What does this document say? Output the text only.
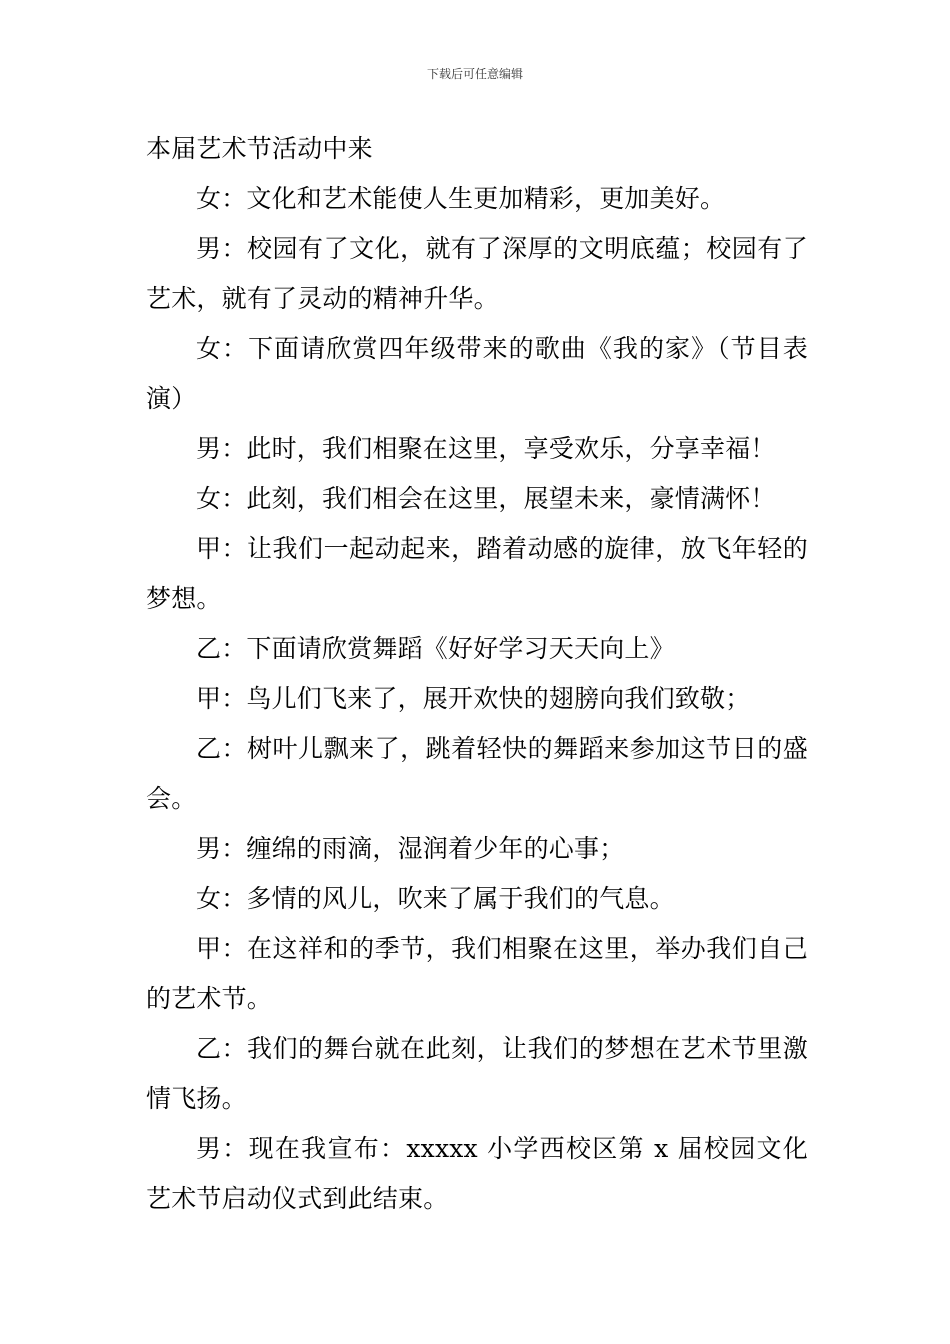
下载后可任意编辑

本届艺术节活动中来

女：文化和艺术能使人生更加精彩，更加美好。

男：校园有了文化，就有了深厚的文明底蕴；校园有了艺术，就有了灵动的精神升华。

女：下面请欣赏四年级带来的歌曲《我的家》（节目表演）

男：此时，我们相聚在这里，享受欢乐，分享幸福！

女：此刻，我们相会在这里，展望未来，豪情满怀！

甲：让我们一起动起来，踏着动感的旋律，放飞年轻的梦想。

乙：下面请欣赏舞蹈《好好学习天天向上》

甲：鸟儿们飞来了，展开欢快的翅膀向我们致敬；

乙：树叶儿飘来了，跳着轻快的舞蹈来参加这节日的盛会。

男：缠绵的雨滴，湿润着少年的心事；

女：多情的风儿，吹来了属于我们的气息。

甲：在这祥和的季节，我们相聚在这里，举办我们自己的艺术节。

乙：我们的舞台就在此刻，让我们的梦想在艺术节里激情飞扬。

男：现在我宣布：xxxxx 小学西校区第 x 届校园文化艺术节启动仪式到此结束。
